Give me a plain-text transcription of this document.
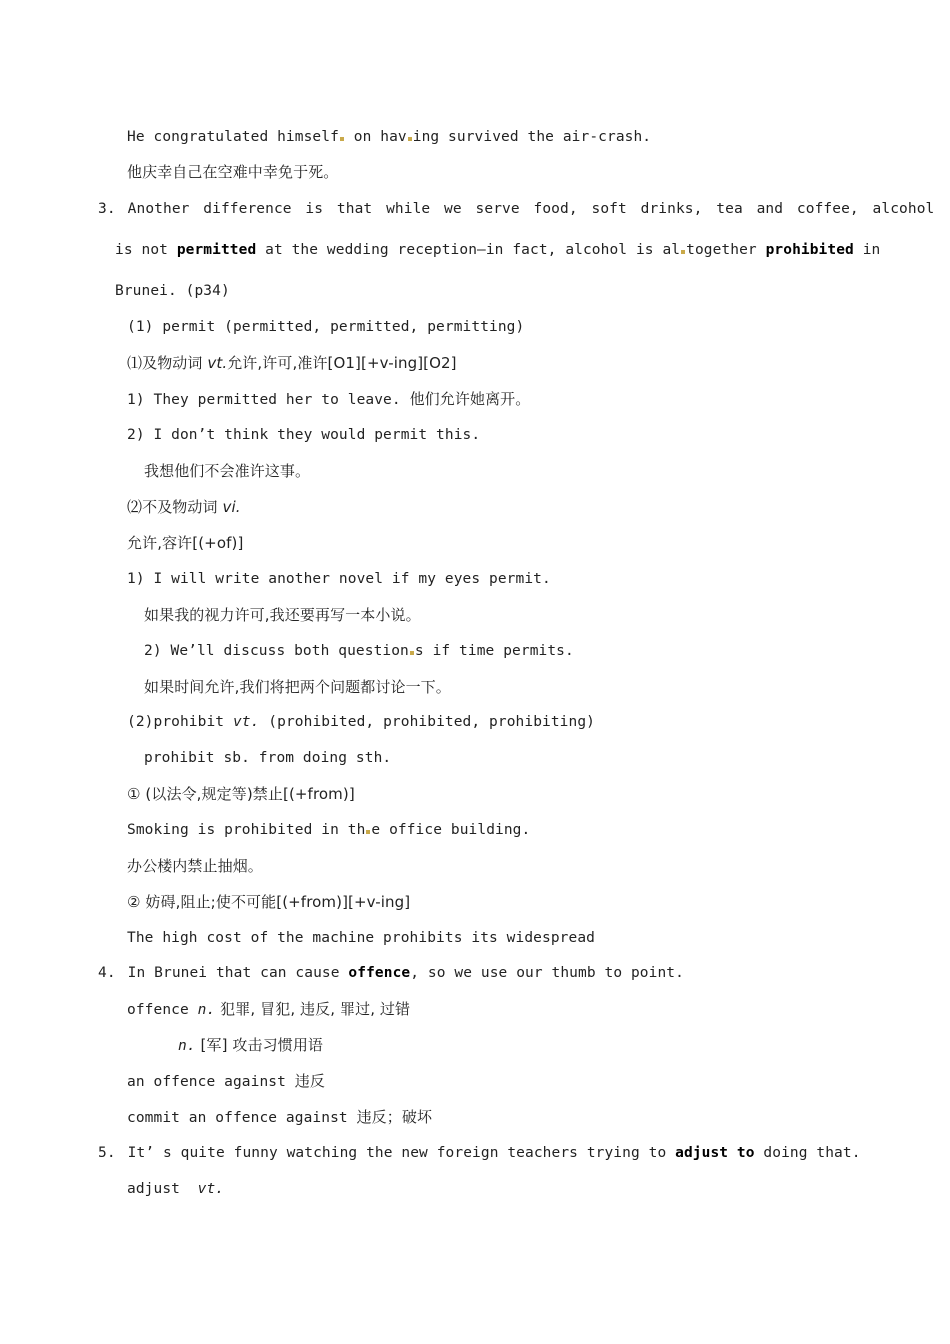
He congratulated himself on hav ing survived the air-crash.
他庆幸自己在空难中幸免于死。
3. Another difference is that while we serve food, soft drinks, tea and coffee, alcohol
is not permitted at the wedding reception—in fact, alcohol is al together prohibited in
Brunei. (p34)
(1) permit (permitted, permitted, permitting)
⑴及物动词 vt.允许,许可,准许[O1][+v-ing][O2]
1) They permitted her to leave. 他们允许她离开。
2) I don’t think they would permit this.
我想他们不会准许这事。
⑵不及物动词 vi.
允许,容许[(+of)]
1) I will write another novel if my eyes permit.
如果我的视力许可,我还要再写一本小说。
2) We’ll discuss both question s if time permits.
如果时间允许,我们将把两个问题都讨论一下。
(2)prohibit vt. (prohibited, prohibited, prohibiting)
prohibit sb. from doing sth.
① (以法令,规定等)禁止[(+from)]
Smoking is prohibited in th e office building.
办公楼内禁止抽烟。
② 妨碍,阻止;使不可能[(+from)][+v-ing]
The high cost of the machine prohibits its widespread
4. In Brunei that can cause offence, so we use our thumb to point.
offence n. 犯罪, 冒犯, 违反, 罪过, 过错
n. [军] 攻击习惯用语
an offence against 违反
commit an offence against 违反；破坏
5. It’ s quite funny watching the new foreign teachers trying to adjust to doing that.
adjust  vt.
